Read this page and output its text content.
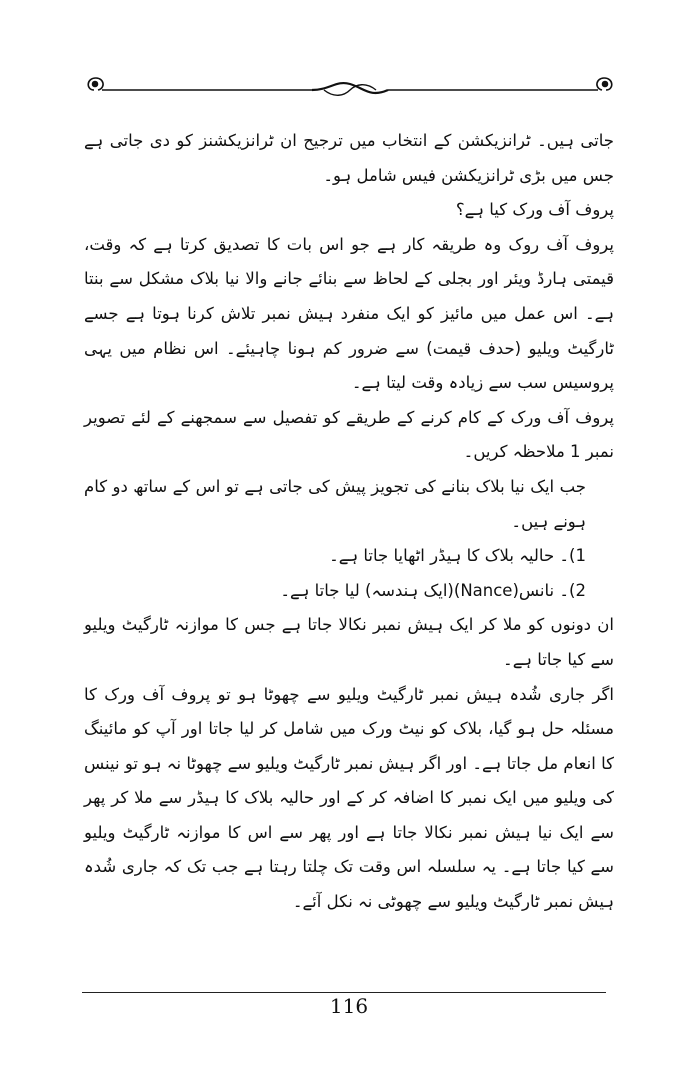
جاتی ہیں۔ ٹرانزیکشن کے انتخاب میں ترجیح ان ٹرانزیکشنز کو دی جاتی ہے جس میں بڑی ٹرانزیکشن فیس شامل ہو۔

پروف آف ورک کیا ہے؟

پروف آف روک وہ طریقہ کار ہے جو اس بات کا تصدیق کرتا ہے کہ وقت، قیمتی ہارڈ ویئر اور بجلی کے لحاظ سے بنائے جانے والا نیا بلاک مشکل سے بنتا ہے۔ اس عمل میں مائیز کو ایک منفرد ہیش نمبر تلاش کرنا ہوتا ہے جسے ٹارگیٹ ویلیو (حدف قیمت) سے ضرور کم ہونا چاہیئے۔ اس نظام میں یہی پروسیس سب سے زیادہ وقت لیتا ہے۔

پروف آف ورک کے کام کرنے کے طریقے کو تفصیل سے سمجھنے کے لئے تصویر نمبر 1 ملاحظہ کریں۔

جب ایک نیا بلاک بنانے کی تجویز پیش کی جاتی ہے تو اس کے ساتھ دو کام ہونے ہیں۔

1)۔ حالیہ بلاک کا ہیڈر اٹھایا جاتا ہے۔

2)۔ نانس(Nance)(ایک ہندسہ) لیا جاتا ہے۔

ان دونوں کو ملا کر ایک ہیش نمبر نکالا جاتا ہے جس کا موازنہ ٹارگیٹ ویلیو سے کیا جاتا ہے۔

اگر جاری شُدہ ہیش نمبر ٹارگیٹ ویلیو سے چھوٹا ہو تو پروف آف ورک کا مسئلہ حل ہو گیا، بلاک کو نیٹ ورک میں شامل کر لیا جاتا اور آپ کو مائینگ کا انعام مل جاتا ہے۔ اور اگر ہیش نمبر ٹارگیٹ ویلیو سے چھوٹا نہ ہو تو نینس کی ویلیو میں ایک نمبر کا اضافہ کر کے اور حالیہ بلاک کا ہیڈر سے ملا کر پھر سے ایک نیا ہیش نمبر نکالا جاتا ہے اور پھر سے اس کا موازنہ ٹارگیٹ ویلیو سے کیا جاتا ہے۔ یہ سلسلہ اس وقت تک چلتا رہتا ہے جب تک کہ جاری شُدہ ہیش نمبر ٹارگیٹ ویلیو سے چھوٹی نہ نکل آئے۔

116
